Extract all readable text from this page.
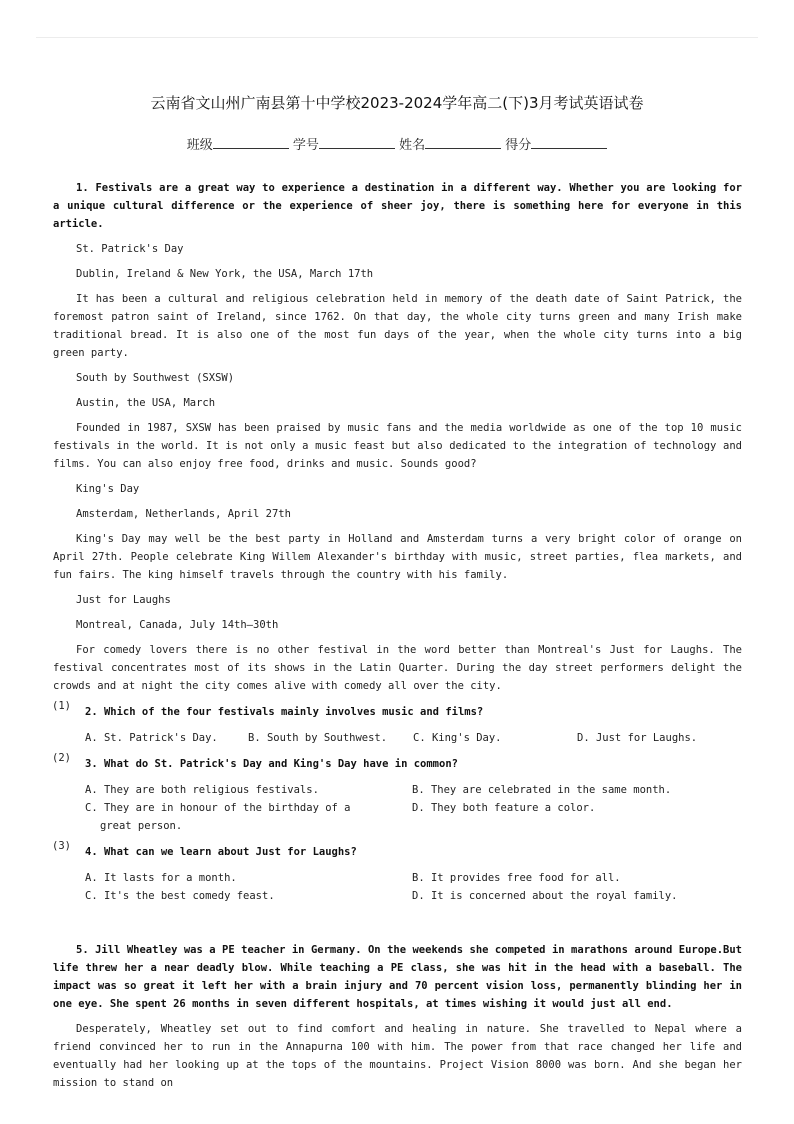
云南省文山州广南县第十中学校2023-2024学年高二(下)3月考试英语试卷
班级	学号	姓名	得分

1. Festivals are a great way to experience a destination in a different way. Whether you are looking for a unique cultural difference or the experience of sheer joy, there is something here for everyone in this article.

St. Patrick's Day

Dublin, Ireland & New York, the USA, March 17th

It has been a cultural and religious celebration held in memory of the death date of Saint Patrick, the foremost patron saint of Ireland, since 1762. On that day, the whole city turns green and many Irish make traditional bread. It is also one of the most fun days of the year, when the whole city turns into a big green party.

South by Southwest (SXSW)

Austin, the USA, March

Founded in 1987, SXSW has been praised by music fans and the media worldwide as one of the top 10 music festivals in the world. It is not only a music feast but also dedicated to the integration of technology and films. You can also enjoy free food, drinks and music. Sounds good?

King's Day

Amsterdam, Netherlands, April 27th

King's Day may well be the best party in Holland and Amsterdam turns a very bright color of orange on April 27th. People celebrate King Willem Alexander's birthday with music, street parties, flea markets, and fun fairs. The king himself travels through the country with his family.

Just for Laughs

Montreal, Canada, July 14th—30th

For comedy lovers there is no other festival in the word better than Montreal's Just for Laughs. The festival concentrates most of its shows in the Latin Quarter. During the day street performers delight the crowds and at night the city comes alive with comedy all over the city.

(1) 2. Which of the four festivals mainly involves music and films?
A. St. Patrick's Day.	B. South by Southwest. C. King's Day.	D. Just for Laughs.
(2) 3. What do St. Patrick's Day and King's Day have in common?
A. They are both religious festivals.	B. They are celebrated in the same month.
C. They are in honour of the birthday of a great person.
D. They both feature a color.
(3) 4. What can we learn about Just for Laughs?
A. It lasts for a month.	B. It provides free food for all.
C. It's the best comedy feast.	D. It is concerned about the royal family.

5. Jill Wheatley was a PE teacher in Germany. On the weekends she competed in marathons around Europe.But life threw her a near deadly blow. While teaching a PE class, she was hit in the head with a baseball. The impact was so great it left her with a brain injury and 70 percent vision loss, permanently blinding her in one eye. She spent 26 months in seven different hospitals, at times wishing it would just all end.

Desperately, Wheatley set out to find comfort and healing in nature. She travelled to Nepal where a friend convinced her to run in the Annapurna 100 with him. The power from that race changed her life and eventually had her looking up at the tops of the mountains. Project Vision 8000 was born. And she began her mission to stand on
